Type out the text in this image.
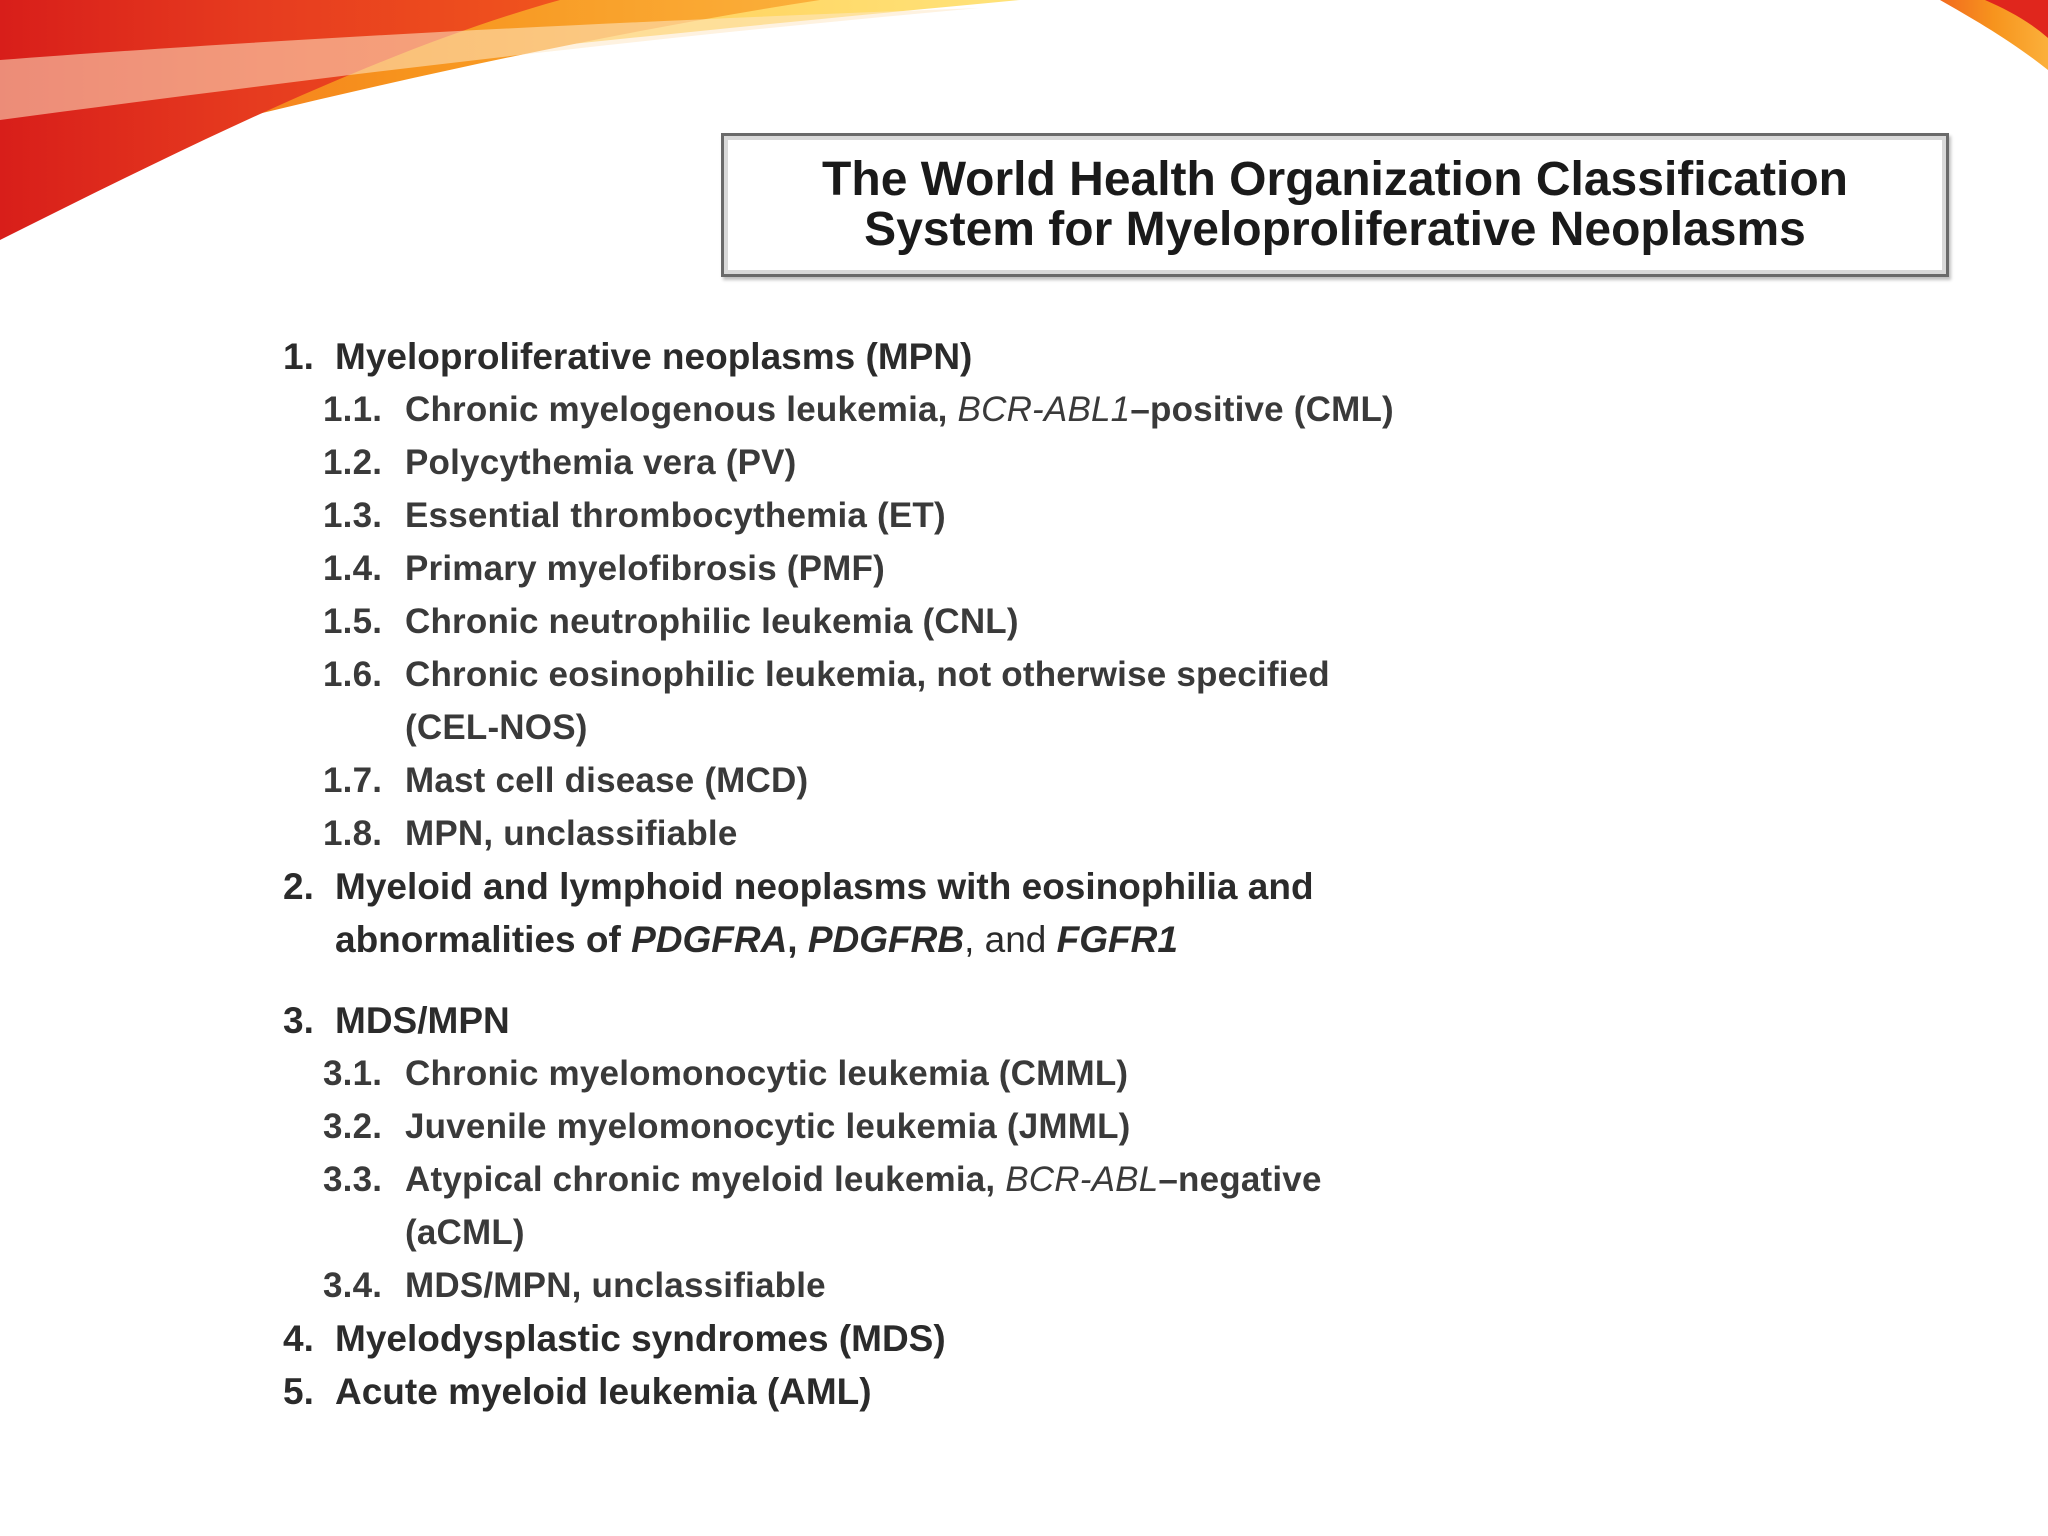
The World Health Organization Classification
System for Myeloproliferative Neoplasms
1. Myeloproliferative neoplasms (MPN)
1.1. Chronic myelogenous leukemia, BCR-ABL1–positive (CML)
1.2. Polycythemia vera (PV)
1.3. Essential thrombocythemia (ET)
1.4. Primary myelofibrosis (PMF)
1.5. Chronic neutrophilic leukemia (CNL)
1.6. Chronic eosinophilic leukemia, not otherwise specified
(CEL-NOS)
1.7. Mast cell disease (MCD)
1.8. MPN, unclassifiable
2. Myeloid and lymphoid neoplasms with eosinophilia and
abnormalities of PDGFRA, PDGFRB, and FGFR1
3. MDS/MPN
3.1. Chronic myelomonocytic leukemia (CMML)
3.2. Juvenile myelomonocytic leukemia (JMML)
3.3. Atypical chronic myeloid leukemia, BCR-ABL–negative
(aCML)
3.4. MDS/MPN, unclassifiable
4. Myelodysplastic syndromes (MDS)
5. Acute myeloid leukemia (AML)
